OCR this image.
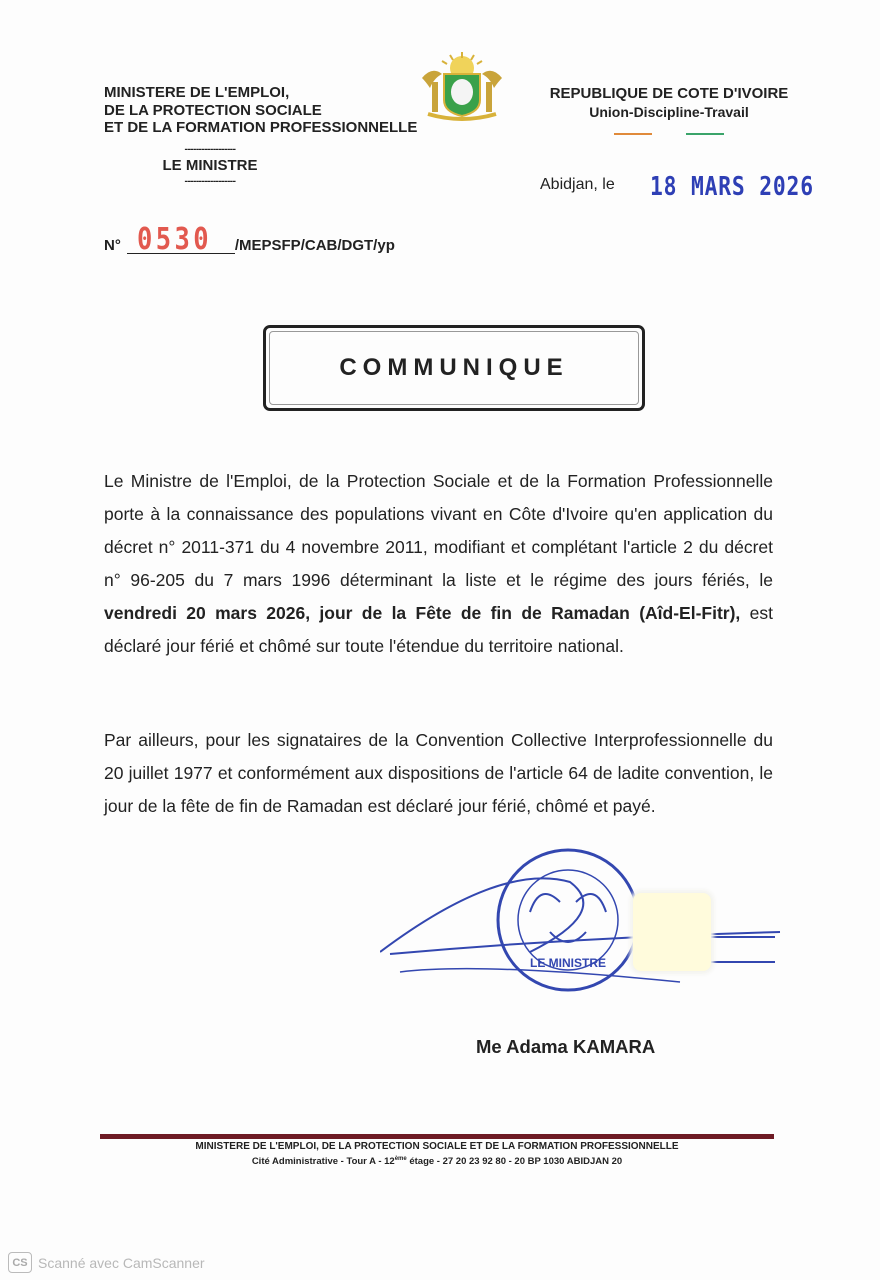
MINISTERE DE L'EMPLOI,
DE LA PROTECTION SOCIALE
ET DE LA FORMATION PROFESSIONNELLE
------------------
LE MINISTRE
------------------
REPUBLIQUE DE COTE D'IVOIRE
Union-Discipline-Travail
Abidjan, le 18 MARS 2026
N° 0530 /MEPSFP/CAB/DGT/yp
COMMUNIQUE
Le Ministre de l'Emploi, de la Protection Sociale et de la Formation Professionnelle porte à la connaissance des populations vivant en Côte d'Ivoire qu'en application du décret n° 2011-371 du 4 novembre 2011, modifiant et complétant l'article 2 du décret n° 96-205 du 7 mars 1996 déterminant la liste et le régime des jours fériés, le vendredi 20 mars 2026, jour de la Fête de fin de Ramadan (Aîd-El-Fitr), est déclaré jour férié et chômé sur toute l'étendue du territoire national.
Par ailleurs, pour les signataires de la Convention Collective Interprofessionnelle du 20 juillet 1977 et conformément aux dispositions de l'article 64 de ladite convention, le jour de la fête de fin de Ramadan est déclaré jour férié, chômé et payé.
LE MINISTRE
Me Adama KAMARA
MINISTERE DE L'EMPLOI, DE LA PROTECTION SOCIALE ET DE LA FORMATION PROFESSIONNELLE
Cité Administrative - Tour A - 12ème étage - 27 20 23 92 80 - 20 BP 1030 ABIDJAN 20
CS Scanné avec CamScanner
